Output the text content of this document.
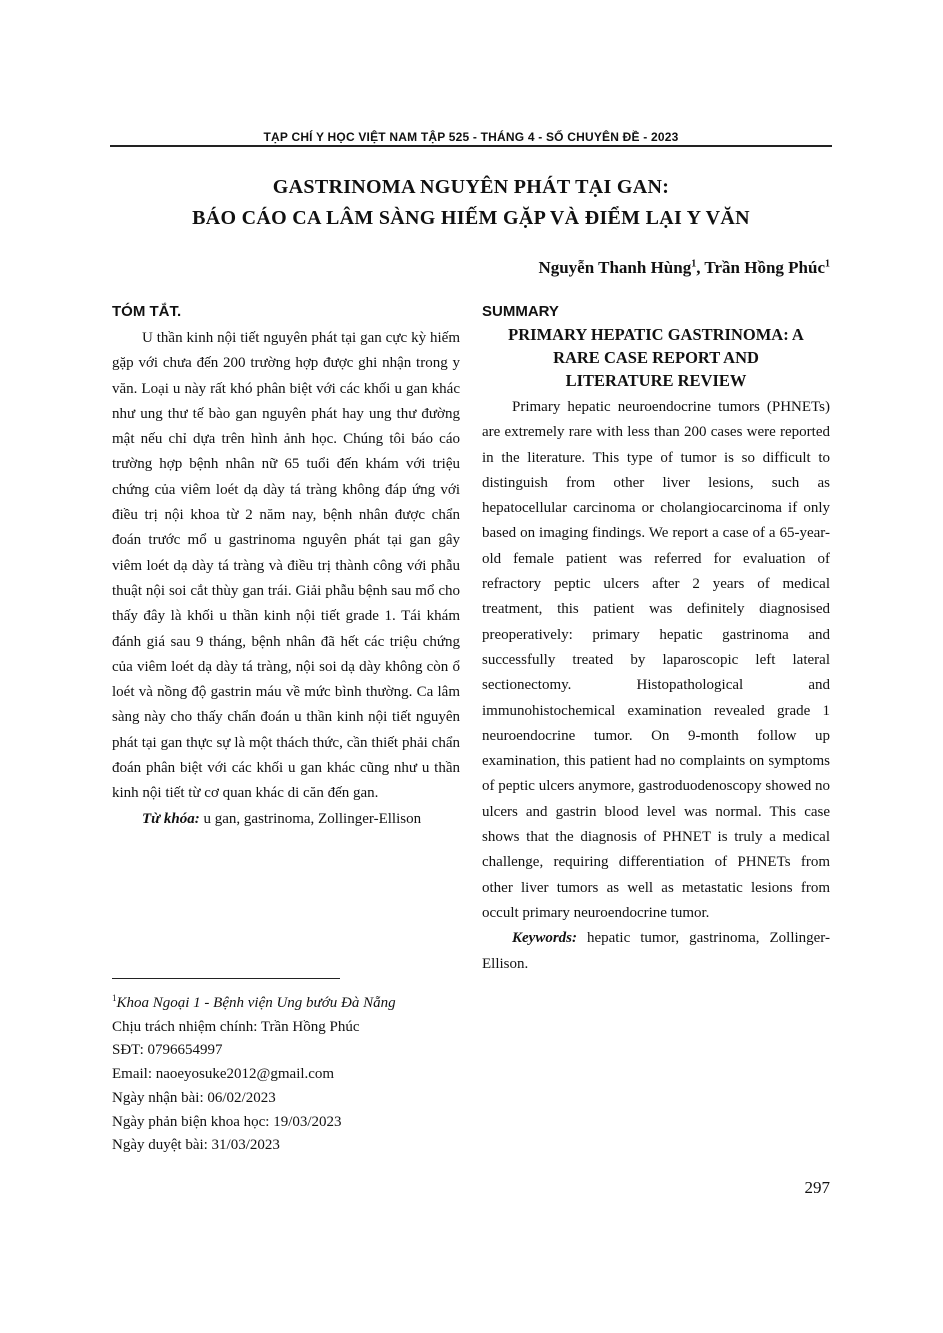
TẠP CHÍ Y HỌC VIỆT NAM TẬP 525 - THÁNG 4 - SỐ CHUYÊN ĐỀ - 2023
GASTRINOMA NGUYÊN PHÁT TẠI GAN:
BÁO CÁO CA LÂM SÀNG HIẾM GẶP VÀ ĐIỂM LẠI Y VĂN
Nguyễn Thanh Hùng$^1$, Trần Hồng Phúc$^1$
TÓM TẮT.

U thần kinh nội tiết nguyên phát tại gan cực kỳ hiếm gặp với chưa đến 200 trường hợp được ghi nhận trong y văn. Loại u này rất khó phân biệt với các khối u gan khác như ung thư tế bào gan nguyên phát hay ung thư đường mật nếu chỉ dựa trên hình ảnh học. Chúng tôi báo cáo trường hợp bệnh nhân nữ 65 tuổi đến khám với triệu chứng của viêm loét dạ dày tá tràng không đáp ứng với điều trị nội khoa từ 2 năm nay, bệnh nhân được chẩn đoán trước mổ u gastrinoma nguyên phát tại gan gây viêm loét dạ dày tá tràng và điều trị thành công với phẫu thuật nội soi cắt thùy gan trái. Giải phẫu bệnh sau mổ cho thấy đây là khối u thần kinh nội tiết grade 1. Tái khám đánh giá sau 9 tháng, bệnh nhân đã hết các triệu chứng của viêm loét dạ dày tá tràng, nội soi dạ dày không còn ổ loét và nồng độ gastrin máu về mức bình thường. Ca lâm sàng này cho thấy chẩn đoán u thần kinh nội tiết nguyên phát tại gan thực sự là một thách thức, cần thiết phải chẩn đoán phân biệt với các khối u gan khác cũng như u thần kinh nội tiết từ cơ quan khác di căn đến gan.

Từ khóa: u gan, gastrinoma, Zollinger-Ellison

SUMMARY
PRIMARY HEPATIC GASTRINOMA: A
RARE CASE REPORT AND
LITERATURE REVIEW

Primary hepatic neuroendocrine tumors (PHNETs) are extremely rare with less than 200 cases were reported in the literature. This type of tumor is so difficult to distinguish from other liver lesions, such as hepatocellular carcinoma or cholangiocarcinoma if only based on imaging findings. We report a case of a 65-year-old female patient was referred for evaluation of refractory peptic ulcers after 2 years of medical treatment, this patient was definitely diagnosised preoperatively: primary hepatic gastrinoma and successfully treated by laparoscopic left lateral sectionectomy. Histopathological and immunohistochemical examination revealed grade 1 neuroendocrine tumor. On 9-month follow up examination, this patient had no complaints on symptoms of peptic ulcers anymore, gastroduodenoscopy showed no ulcers and gastrin blood level was normal. This case shows that the diagnosis of PHNET is truly a medical challenge, requiring differentiation of PHNETs from other liver tumors as well as metastatic lesions from occult primary neuroendocrine tumor.

Keywords: hepatic tumor, gastrinoma, Zollinger-Ellison.

$^1$Khoa Ngoại 1 - Bệnh viện Ung bướu Đà Nẵng
Chịu trách nhiệm chính: Trần Hồng Phúc
SĐT: 0796654997
Email: naoeyosuke2012@gmail.com
Ngày nhận bài: 06/02/2023
Ngày phản biện khoa học: 19/03/2023
Ngày duyệt bài: 31/03/2023
297
